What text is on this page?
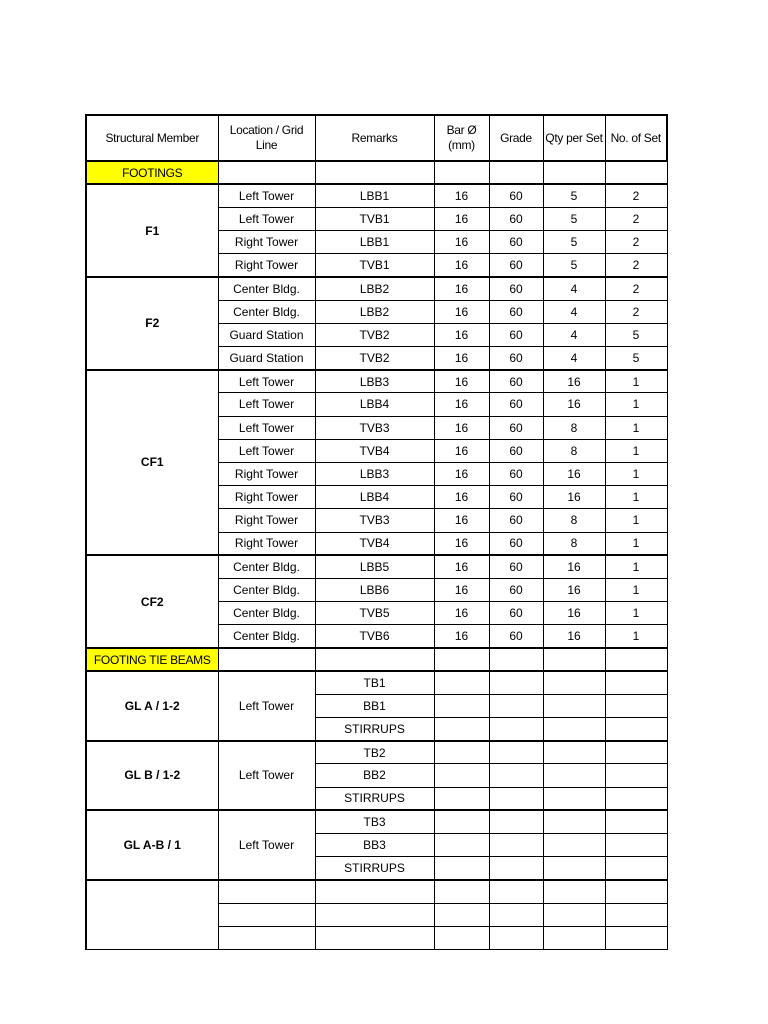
Structural Member	Location / Grid Line	Remarks	Bar Ø (mm)	Grade	Qty per Set	No. of Set
FOOTINGS						
F1	Left Tower	LBB1	16	60	5	2
	Left Tower	TVB1	16	60	5	2
	Right Tower	LBB1	16	60	5	2
	Right Tower	TVB1	16	60	5	2
F2	Center Bldg.	LBB2	16	60	4	2
	Center Bldg.	LBB2	16	60	4	2
	Guard Station	TVB2	16	60	4	5
	Guard Station	TVB2	16	60	4	5
CF1	Left Tower	LBB3	16	60	16	1
	Left Tower	LBB4	16	60	16	1
	Left Tower	TVB3	16	60	8	1
	Left Tower	TVB4	16	60	8	1
	Right Tower	LBB3	16	60	16	1
	Right Tower	LBB4	16	60	16	1
	Right Tower	TVB3	16	60	8	1
	Right Tower	TVB4	16	60	8	1
CF2	Center Bldg.	LBB5	16	60	16	1
	Center Bldg.	LBB6	16	60	16	1
	Center Bldg.	TVB5	16	60	16	1
	Center Bldg.	TVB6	16	60	16	1
FOOTING TIE BEAMS						
GL A / 1-2	Left Tower	TB1				
		BB1				
		STIRRUPS				
GL B / 1-2	Left Tower	TB2				
		BB2				
		STIRRUPS				
GL A-B / 1	Left Tower	TB3				
		BB3				
		STIRRUPS				
